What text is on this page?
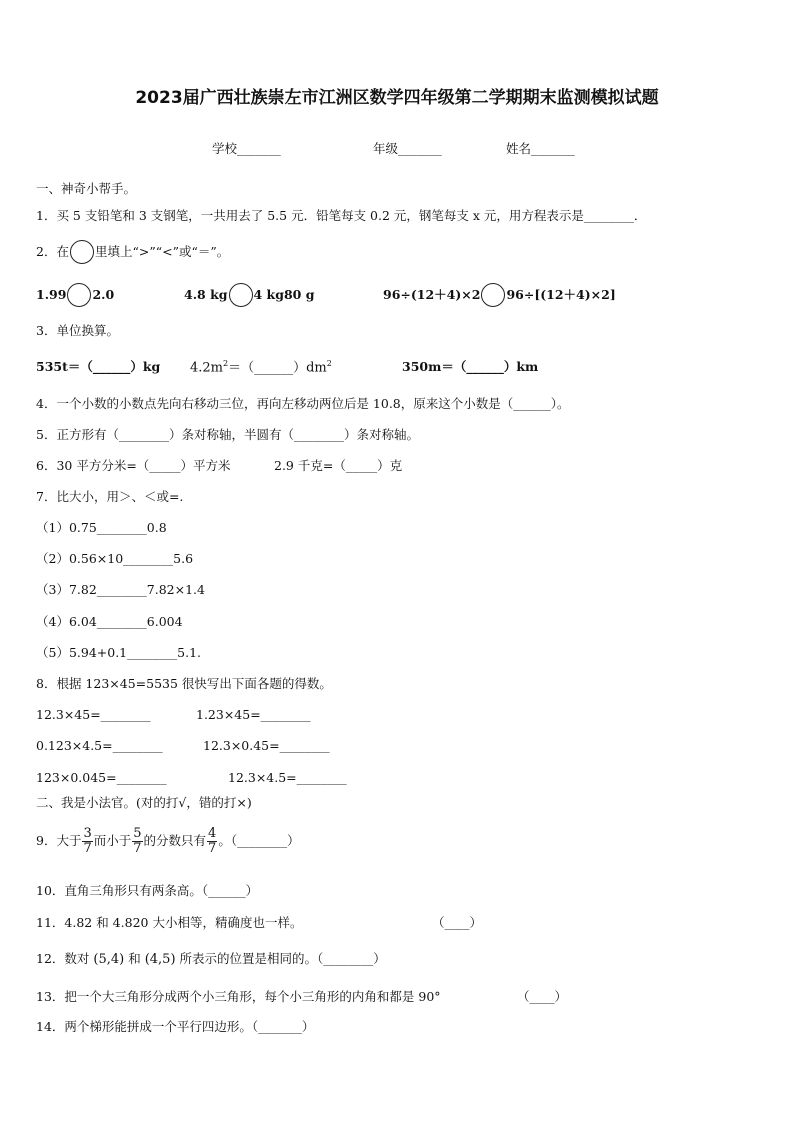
2023届广西壮族崇左市江洲区数学四年级第二学期期末监测模拟试题
学校_______	年级_______	姓名_______
一、神奇小帮手。
1．买 5 支铅笔和 3 支钢笔，一共用去了 5.5 元．铅笔每支 0.2 元，钢笔每支 x 元，用方程表示是________．
2．在 里填上“>”“<”或“＝”。
1.99 2.0	4.8 kg 4 kg80 g	96÷(12＋4)×2 96÷[(12＋4)×2]
3．单位换算。
535t＝（______）kg $4.2m^2=(\_\_\_\_\_\_)dm^2$	350m＝（______）km
4．一个小数的小数点先向右移动三位，再向左移动两位后是 10.8，原来这个小数是（______）。
5．正方形有（________）条对称轴，半圆有（________）条对称轴。
6．30 平方分米=（_____）平方米	2.9 千克=（_____）克
7．比大小，用＞、＜或=.
（1）0.75________0.8
（2）0.56×10________5.6
（3）7.82________7.82×1.4
（4）6.04________6.004
（5）5.94+0.1________5.1.
8．根据 123×45=5535 很快写出下面各题的得数。
12.3×45=________	1.23×45=________
0.123×4.5=________	12.3×0.45=________
123×0.045=________	12.3×4.5=________
二、我是小法官。(对的打√，错的打×)
9．大于 $\frac{3}{7}$ 而小于 $\frac{5}{7}$ 的分数只有 $\frac{4}{7}$ 。（________）
10．直角三角形只有两条高。（______）
11．4.82 和 4.820 大小相等，精确度也一样。	（____）
12．数对 (5,4) 和 (4,5) 所表示的位置是相同的。（________）
13．把一个大三角形分成两个小三角形，每个小三角形的内角和都是 90°	（____）
14．两个梯形能拼成一个平行四边形。（_______）
